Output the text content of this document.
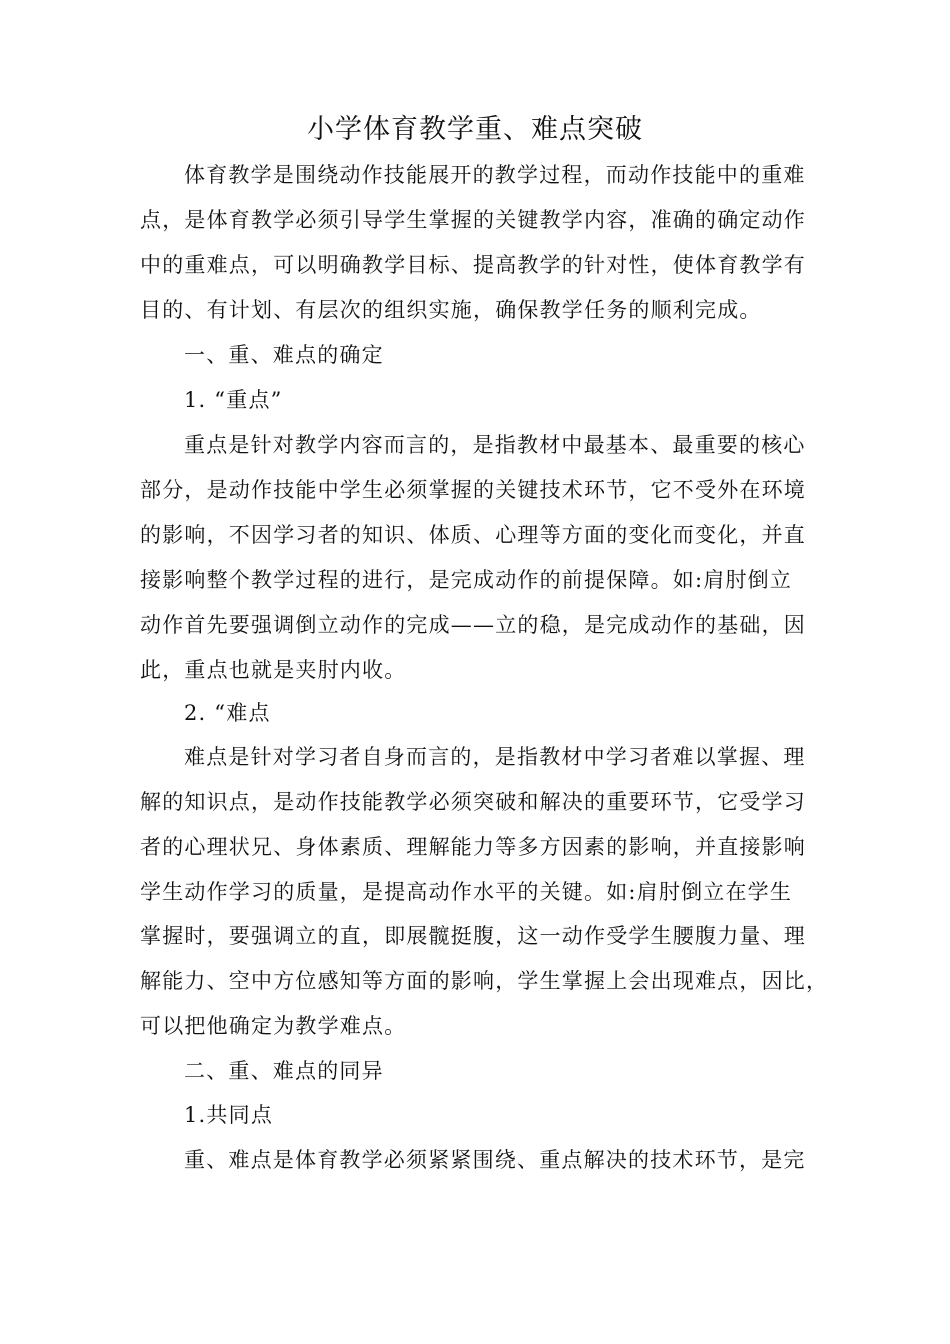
小学体育教学重、难点突破

体育教学是围绕动作技能展开的教学过程，而动作技能中的重难

点，是体育教学必须引导学生掌握的关键教学内容，准确的确定动作

中的重难点，可以明确教学目标、提高教学的针对性，使体育教学有

目的、有计划、有层次的组织实施，确保教学任务的顺利完成。

一、重、难点的确定

1. “重点”

重点是针对教学内容而言的，是指教材中最基本、最重要的核心

部分，是动作技能中学生必须掌握的关键技术环节，它不受外在环境

的影响，不因学习者的知识、体质、心理等方面的变化而变化，并直

接影响整个教学过程的进行，是完成动作的前提保障。如:肩肘倒立

动作首先要强调倒立动作的完成——立的稳，是完成动作的基础，因

此，重点也就是夹肘内收。

2. “难点

难点是针对学习者自身而言的，是指教材中学习者难以掌握、理

解的知识点，是动作技能教学必须突破和解决的重要环节，它受学习

者的心理状兄、身体素质、理解能力等多方因素的影响，并直接影响

学生动作学习的质量，是提高动作水平的关键。如:肩肘倒立在学生

掌握时，要强调立的直，即展髋挺腹，这一动作受学生腰腹力量、理

解能力、空中方位感知等方面的影响，学生掌握上会出现难点，因比，

可以把他确定为教学难点。

二、重、难点的同异

1.共同点

重、难点是体育教学必须紧紧围绕、重点解决的技术环节，是完
